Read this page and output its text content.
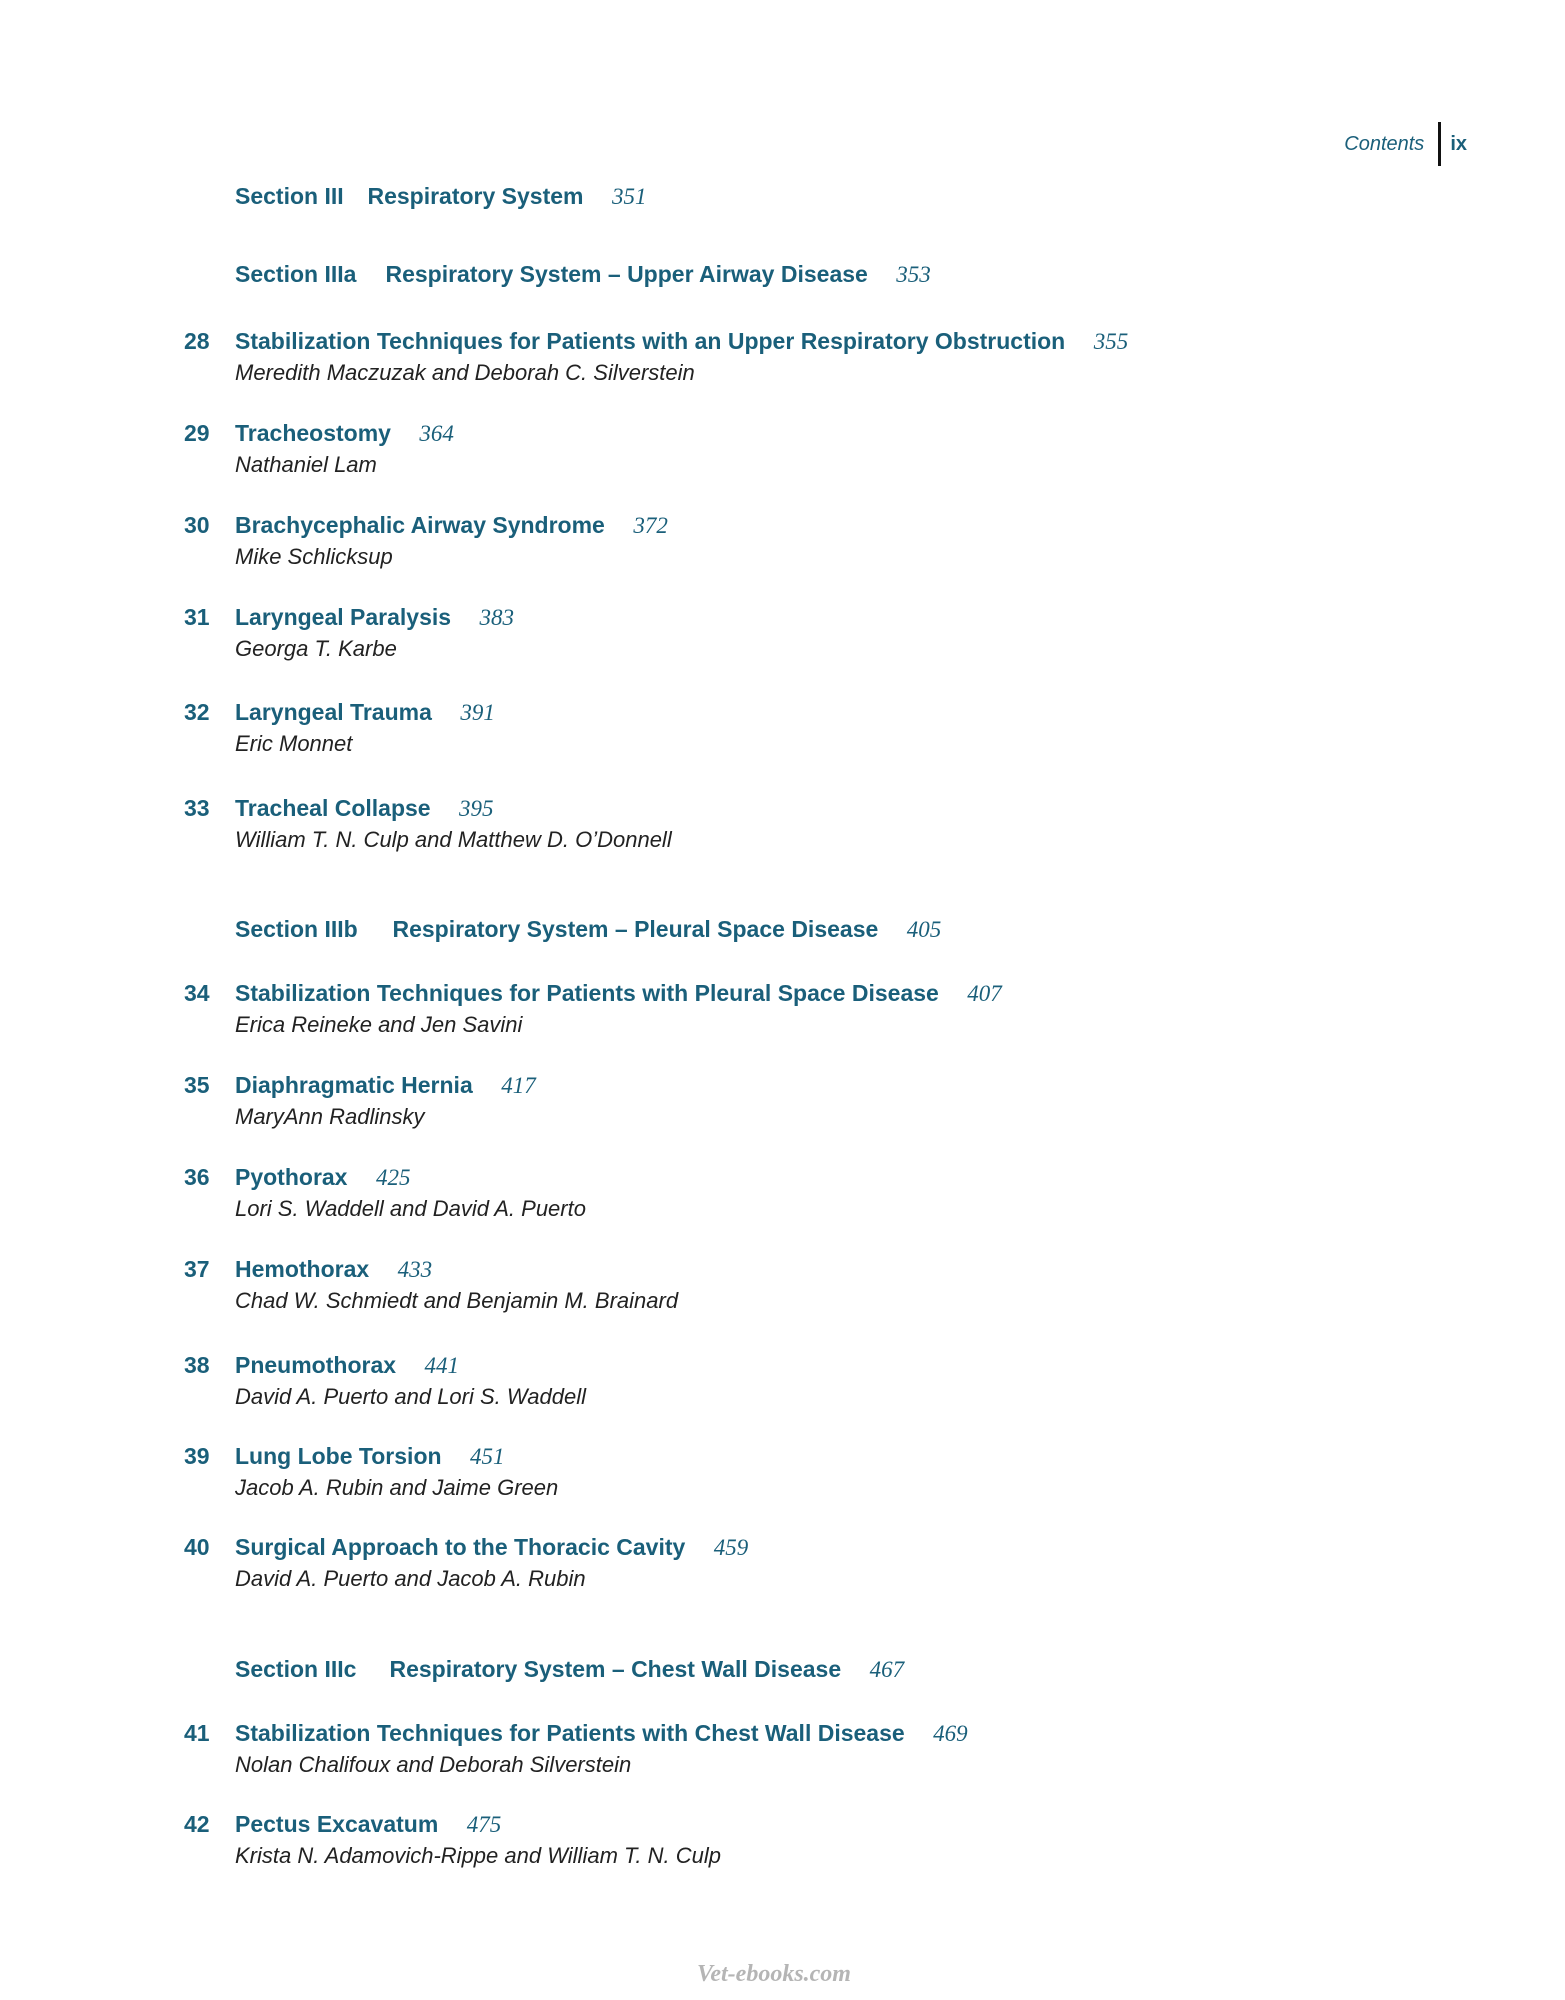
Contents	ix
Section III Respiratory System 351
Section IIIa Respiratory System – Upper Airway Disease 353
28 Stabilization Techniques for Patients with an Upper Respiratory Obstruction 355
Meredith Maczuzak and Deborah C. Silverstein
29 Tracheostomy 364
Nathaniel Lam
30 Brachycephalic Airway Syndrome 372
Mike Schlicksup
31 Laryngeal Paralysis 383
Georga T. Karbe
32 Laryngeal Trauma 391
Eric Monnet
33 Tracheal Collapse 395
William T. N. Culp and Matthew D. O’Donnell
Section IIIb Respiratory System – Pleural Space Disease 405
34 Stabilization Techniques for Patients with Pleural Space Disease 407
Erica Reineke and Jen Savini
35 Diaphragmatic Hernia 417
MaryAnn Radlinsky
36 Pyothorax 425
Lori S. Waddell and David A. Puerto
37 Hemothorax 433
Chad W. Schmiedt and Benjamin M. Brainard
38 Pneumothorax 441
David A. Puerto and Lori S. Waddell
39 Lung Lobe Torsion 451
Jacob A. Rubin and Jaime Green
40 Surgical Approach to the Thoracic Cavity 459
David A. Puerto and Jacob A. Rubin
Section IIIc Respiratory System – Chest Wall Disease 467
41 Stabilization Techniques for Patients with Chest Wall Disease 469
Nolan Chalifoux and Deborah Silverstein
42 Pectus Excavatum 475
Krista N. Adamovich-Rippe and William T. N. Culp
Vet-ebooks.com
